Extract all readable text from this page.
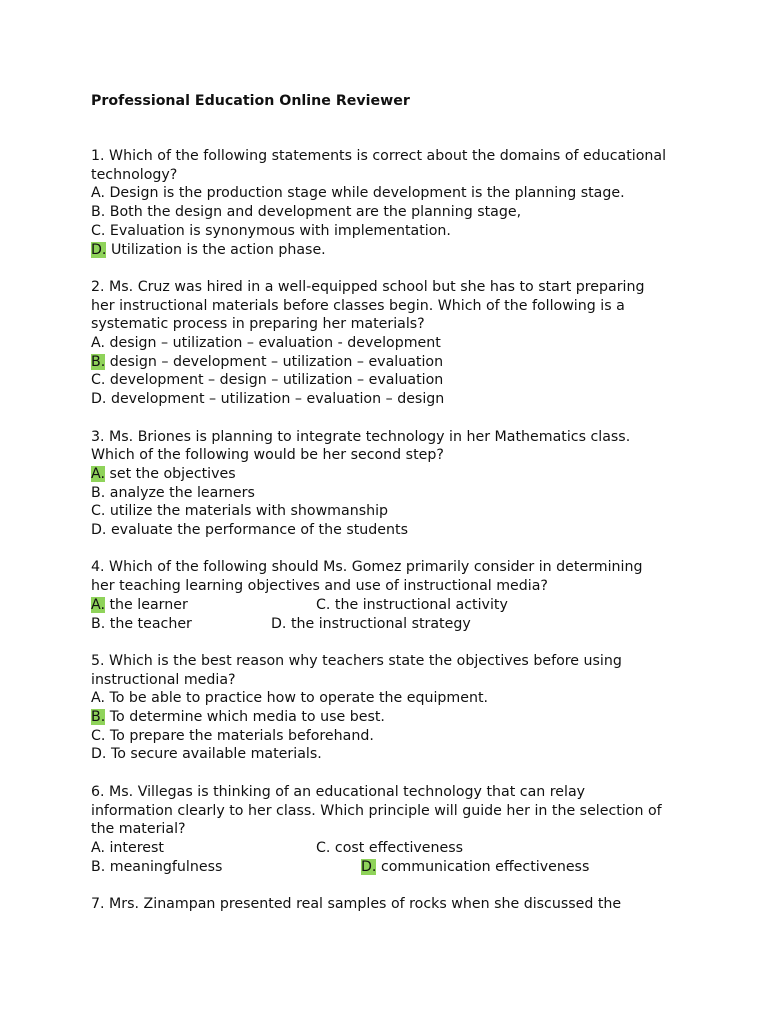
Professional Education Online Reviewer

1. Which of the following statements is correct about the domains of educational

technology?

A. Design is the production stage while development is the planning stage.

B. Both the design and development are the planning stage,

C. Evaluation is synonymous with implementation.

D. Utilization is the action phase.

2. Ms. Cruz was hired in a well-equipped school but she has to start preparing

her instructional materials before classes begin. Which of the following is a

systematic process in preparing her materials?

A. design – utilization – evaluation - development

B. design – development – utilization – evaluation

C. development – design – utilization – evaluation

D. development – utilization – evaluation – design

3. Ms. Briones is planning to integrate technology in her Mathematics class.

Which of the following would be her second step?

A. set the objectives

B. analyze the learners

C. utilize the materials with showmanship

D. evaluate the performance of the students

4. Which of the following should Ms. Gomez primarily consider in determining

her teaching learning objectives and use of instructional media?

A. the learner	C. the instructional activity
B. the teacher	D. the instructional strategy

5. Which is the best reason why teachers state the objectives before using

instructional media?

A. To be able to practice how to operate the equipment.

B. To determine which media to use best.

C. To prepare the materials beforehand.

D. To secure available materials.

6. Ms. Villegas is thinking of an educational technology that can relay

information clearly to her class. Which principle will guide her in the selection of

the material?

A. interest	C. cost effectiveness
B. meaningfulness	D. communication effectiveness

7. Mrs. Zinampan presented real samples of rocks when she discussed the
